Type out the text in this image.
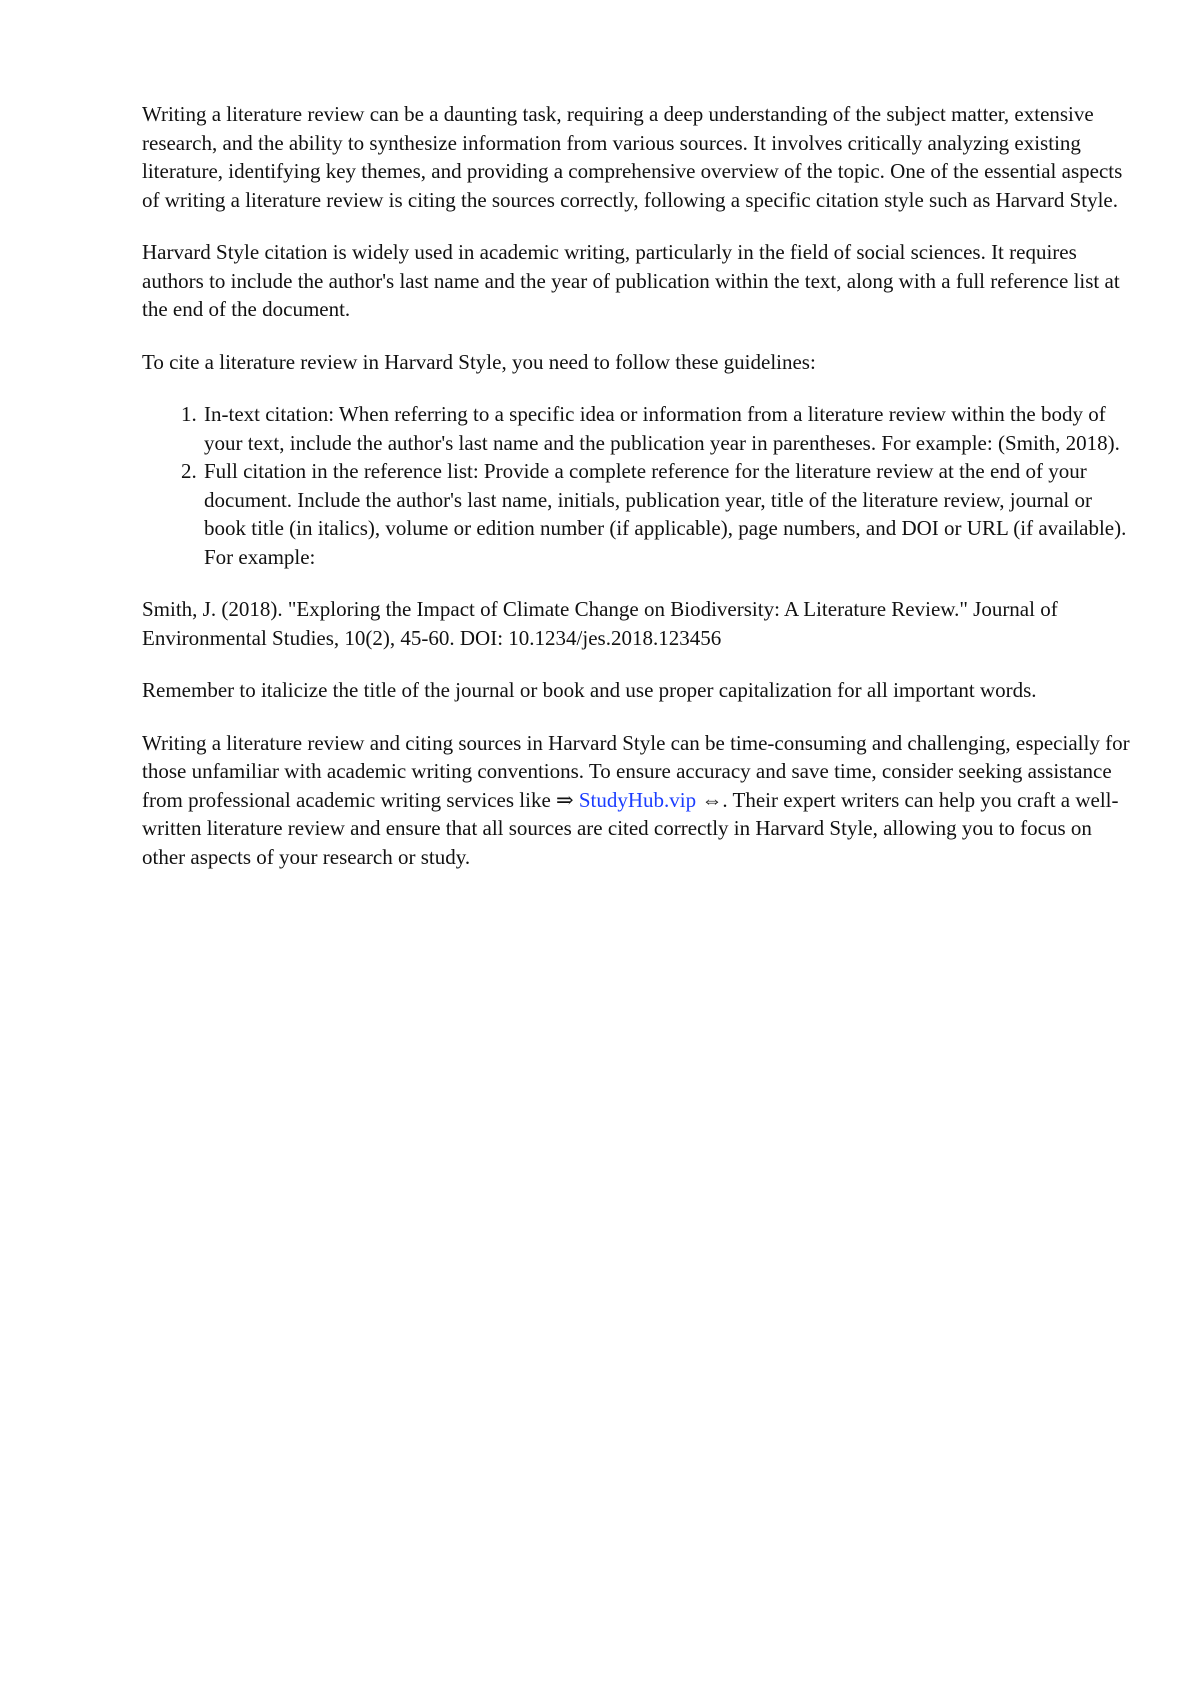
Writing a literature review can be a daunting task, requiring a deep understanding of the subject matter, extensive research, and the ability to synthesize information from various sources. It involves critically analyzing existing literature, identifying key themes, and providing a comprehensive overview of the topic. One of the essential aspects of writing a literature review is citing the sources correctly, following a specific citation style such as Harvard Style.

Harvard Style citation is widely used in academic writing, particularly in the field of social sciences. It requires authors to include the author's last name and the year of publication within the text, along with a full reference list at the end of the document.

To cite a literature review in Harvard Style, you need to follow these guidelines:

1. In-text citation: When referring to a specific idea or information from a literature review within the body of your text, include the author's last name and the publication year in parentheses. For example: (Smith, 2018).
2. Full citation in the reference list: Provide a complete reference for the literature review at the end of your document. Include the author's last name, initials, publication year, title of the literature review, journal or book title (in italics), volume or edition number (if applicable), page numbers, and DOI or URL (if available). For example:

Smith, J. (2018). "Exploring the Impact of Climate Change on Biodiversity: A Literature Review." Journal of Environmental Studies, 10(2), 45-60. DOI: 10.1234/jes.2018.123456

Remember to italicize the title of the journal or book and use proper capitalization for all important words.

Writing a literature review and citing sources in Harvard Style can be time-consuming and challenging, especially for those unfamiliar with academic writing conventions. To ensure accuracy and save time, consider seeking assistance from professional academic writing services like ⇒ StudyHub.vip ⇔. Their expert writers can help you craft a well-written literature review and ensure that all sources are cited correctly in Harvard Style, allowing you to focus on other aspects of your research or study.
